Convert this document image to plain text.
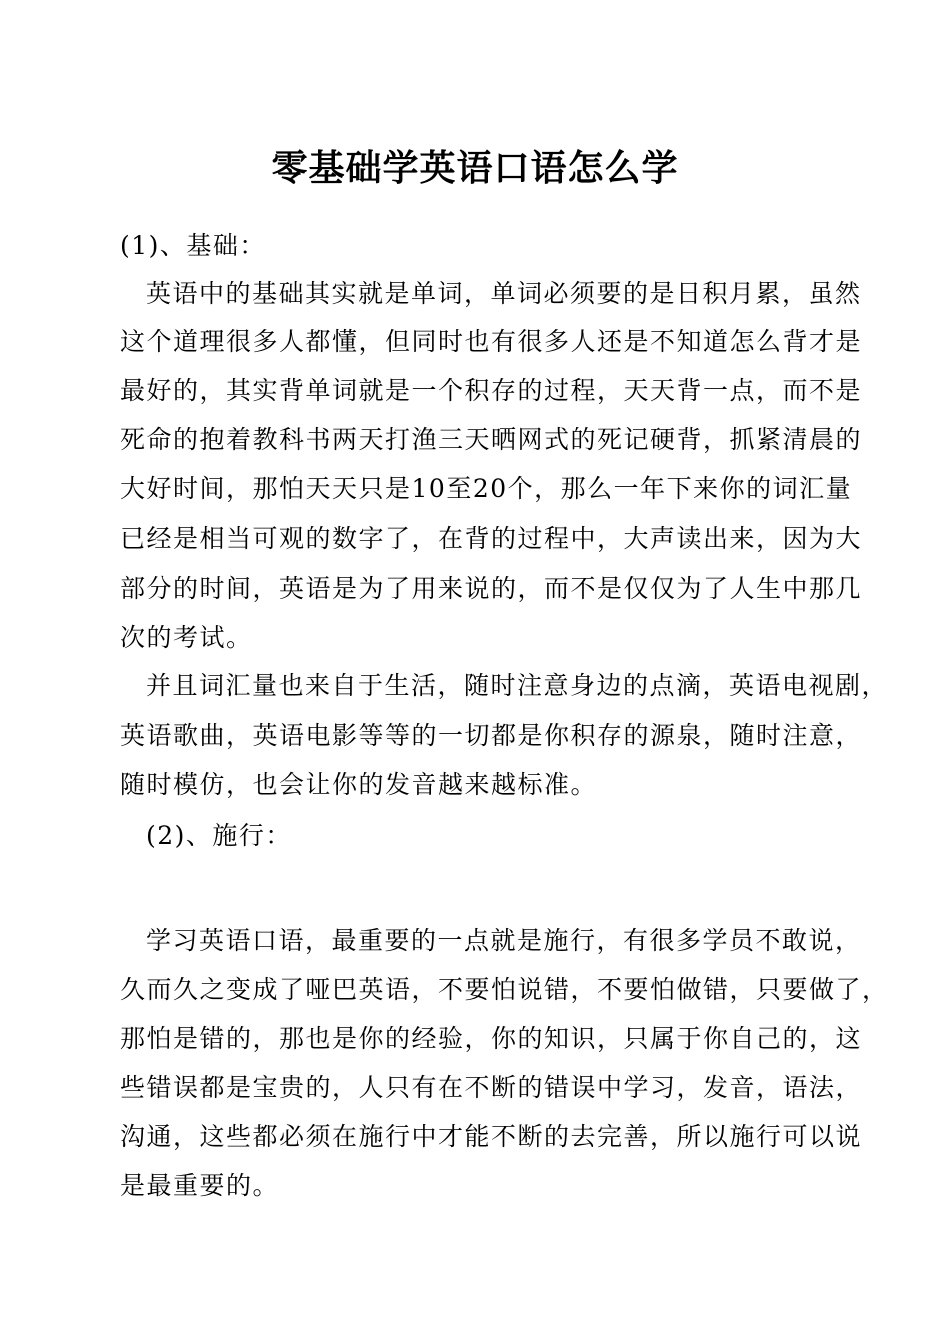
零基础学英语口语怎么学
(1)、基础：
英语中的基础其实就是单词，单词必须要的是日积月累，虽然
这个道理很多人都懂，但同时也有很多人还是不知道怎么背才是
最好的，其实背单词就是一个积存的过程，天天背一点，而不是
死命的抱着教科书两天打渔三天晒网式的死记硬背，抓紧清晨的
大好时间，那怕天天只是10至20个，那么一年下来你的词汇量
已经是相当可观的数字了，在背的过程中，大声读出来，因为大
部分的时间，英语是为了用来说的，而不是仅仅为了人生中那几
次的考试。
并且词汇量也来自于生活，随时注意身边的点滴，英语电视剧，
英语歌曲，英语电影等等的一切都是你积存的源泉，随时注意，
随时模仿，也会让你的发音越来越标准。
(2)、施行：
学习英语口语，最重要的一点就是施行，有很多学员不敢说，
久而久之变成了哑巴英语，不要怕说错，不要怕做错，只要做了，
那怕是错的，那也是你的经验，你的知识，只属于你自己的，这
些错误都是宝贵的，人只有在不断的错误中学习，发音，语法，
沟通，这些都必须在施行中才能不断的去完善，所以施行可以说
是最重要的。
